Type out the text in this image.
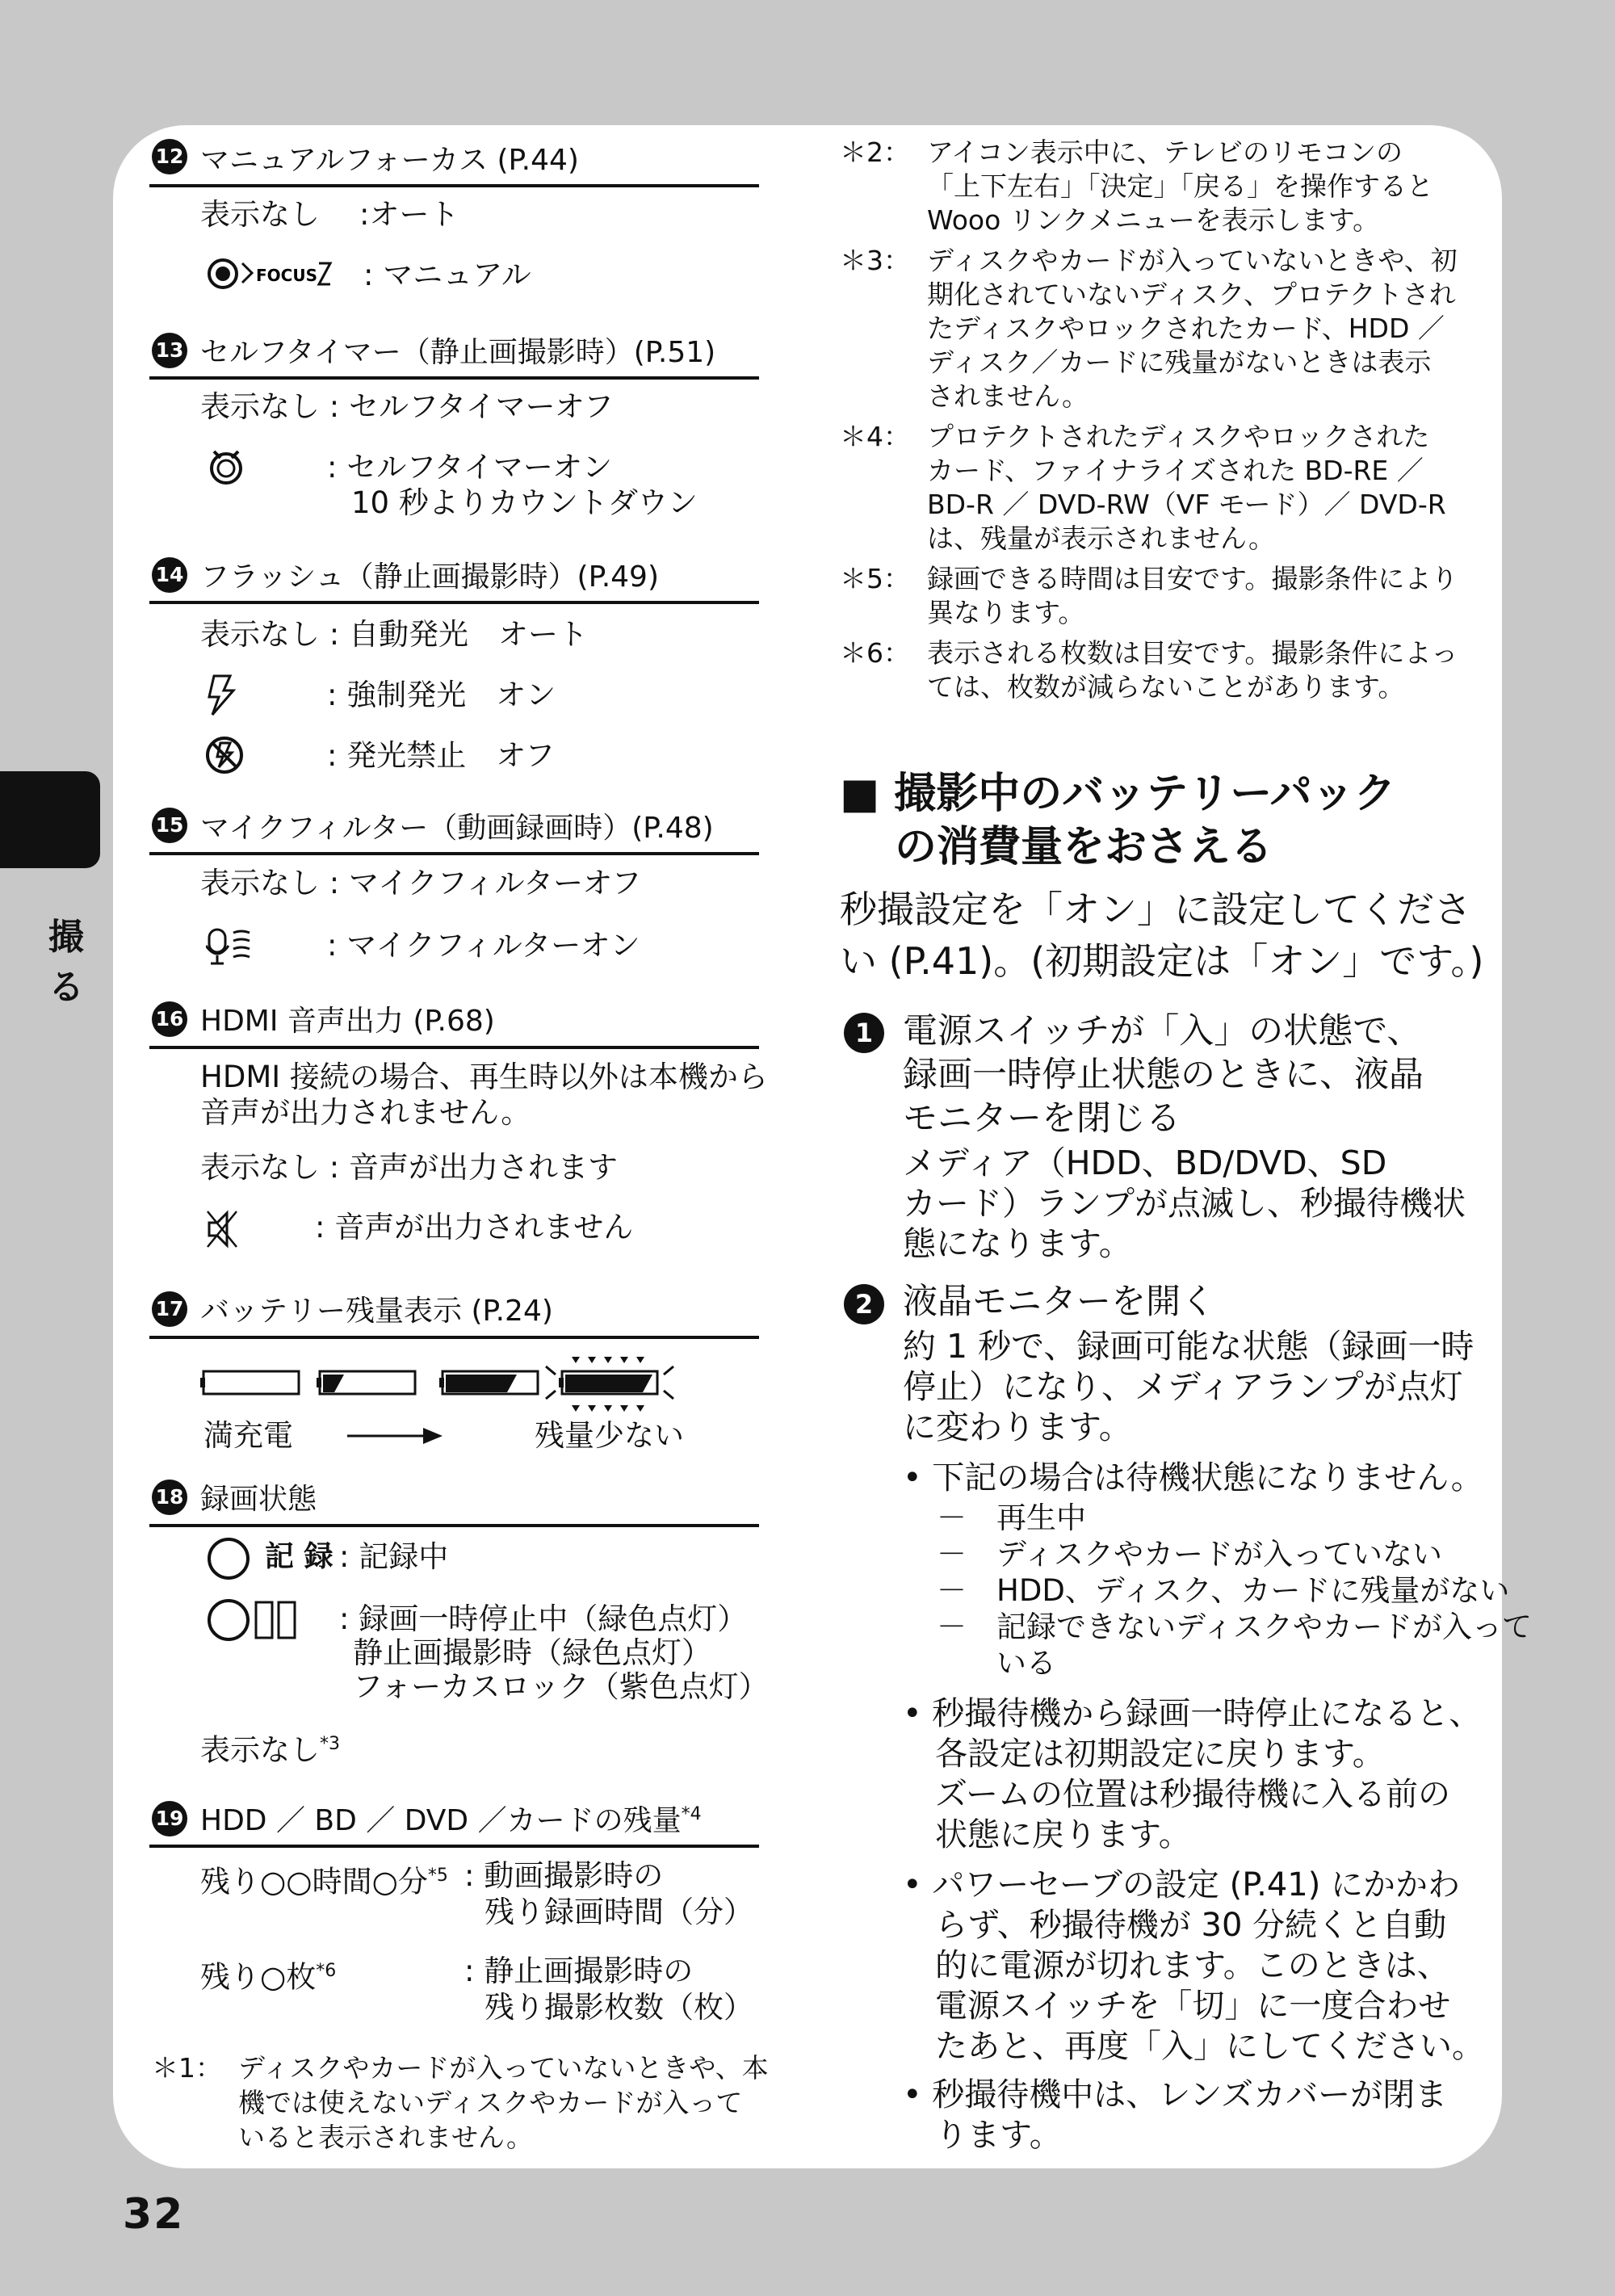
撮る
32
12 マニュアルフォーカス (P.44)
表示なし :オート
FOCUS : マニュアル
13 セルフタイマー（静止画撮影時）(P.51)
表示なし : セルフタイマーオフ
: セルフタイマーオン
10 秒よりカウントダウン
14 フラッシュ（静止画撮影時）(P.49)
表示なし : 自動発光　オート
: 強制発光　オン
: 発光禁止　オフ
15 マイクフィルター（動画録画時）(P.48)
表示なし : マイクフィルターオフ
: マイクフィルターオン
16 HDMI 音声出力 (P.68)
HDMI 接続の場合、再生時以外は本機から
音声が出力されません。
表示なし : 音声が出力されます
: 音声が出力されません
17 バッテリー残量表示 (P.24)
満充電	残量少ない
18 録画状態
記 録 : 記録中
: 録画一時停止中（緑色点灯）
静止画撮影時（緑色点灯）
フォーカスロック（紫色点灯）
表示なし$^{*3}$
19 HDD ／ BD ／ DVD ／カードの残量$^{*4}$
残り○○時間○分$^{*5}$ : 動画撮影時の
残り録画時間（分）
残り○枚$^{*6}$	: 静止画撮影時の
残り撮影枚数（枚）
＊1： ディスクやカードが入っていないときや、本
機では使えないディスクやカードが入って
いると表示されません。
＊2： アイコン表示中に、テレビのリモコンの
「上下左右」「決定」「戻る」を操作すると
Wooo リンクメニューを表示します。
＊3： ディスクやカードが入っていないときや、初
期化されていないディスク、プロテクトされ
たディスクやロックされたカード、HDD ／
ディスク／カードに残量がないときは表示
されません。
＊4： プロテクトされたディスクやロックされた
カード、ファイナライズされた BD-RE ／
BD-R ／ DVD-RW（VF モード）／ DVD-R
は、残量が表示されません。
＊5： 録画できる時間は目安です。撮影条件により
異なります。
＊6： 表示される枚数は目安です。撮影条件によっ
ては、枚数が減らないことがあります。
■ 撮影中のバッテリーパック
の消費量をおさえる
秒撮設定を「オン」に設定してくださ
い (P.41)。(初期設定は「オン」です。)
1 電源スイッチが「入」の状態で、
録画一時停止状態のときに、液晶
モニターを閉じる
メディア（HDD、BD/DVD、SD
カード）ランプが点滅し、秒撮待機状
態になります。
2 液晶モニターを開く
約 1 秒で、録画可能な状態（録画一時
停止）になり、メディアランプが点灯
に変わります。
• 下記の場合は待機状態になりません。
－　再生中
－　ディスクやカードが入っていない
－　HDD、ディスク、カードに残量がない
－　記録できないディスクやカードが入って
　　いる
• 秒撮待機から録画一時停止になると、
　各設定は初期設定に戻ります。
　ズームの位置は秒撮待機に入る前の
　状態に戻ります。
• パワーセーブの設定 (P.41) にかかわ
　らず、秒撮待機が 30 分続くと自動
　的に電源が切れます。このときは、
　電源スイッチを「切」に一度合わせ
　たあと、再度「入」にしてください。
• 秒撮待機中は、レンズカバーが閉ま
　ります。
